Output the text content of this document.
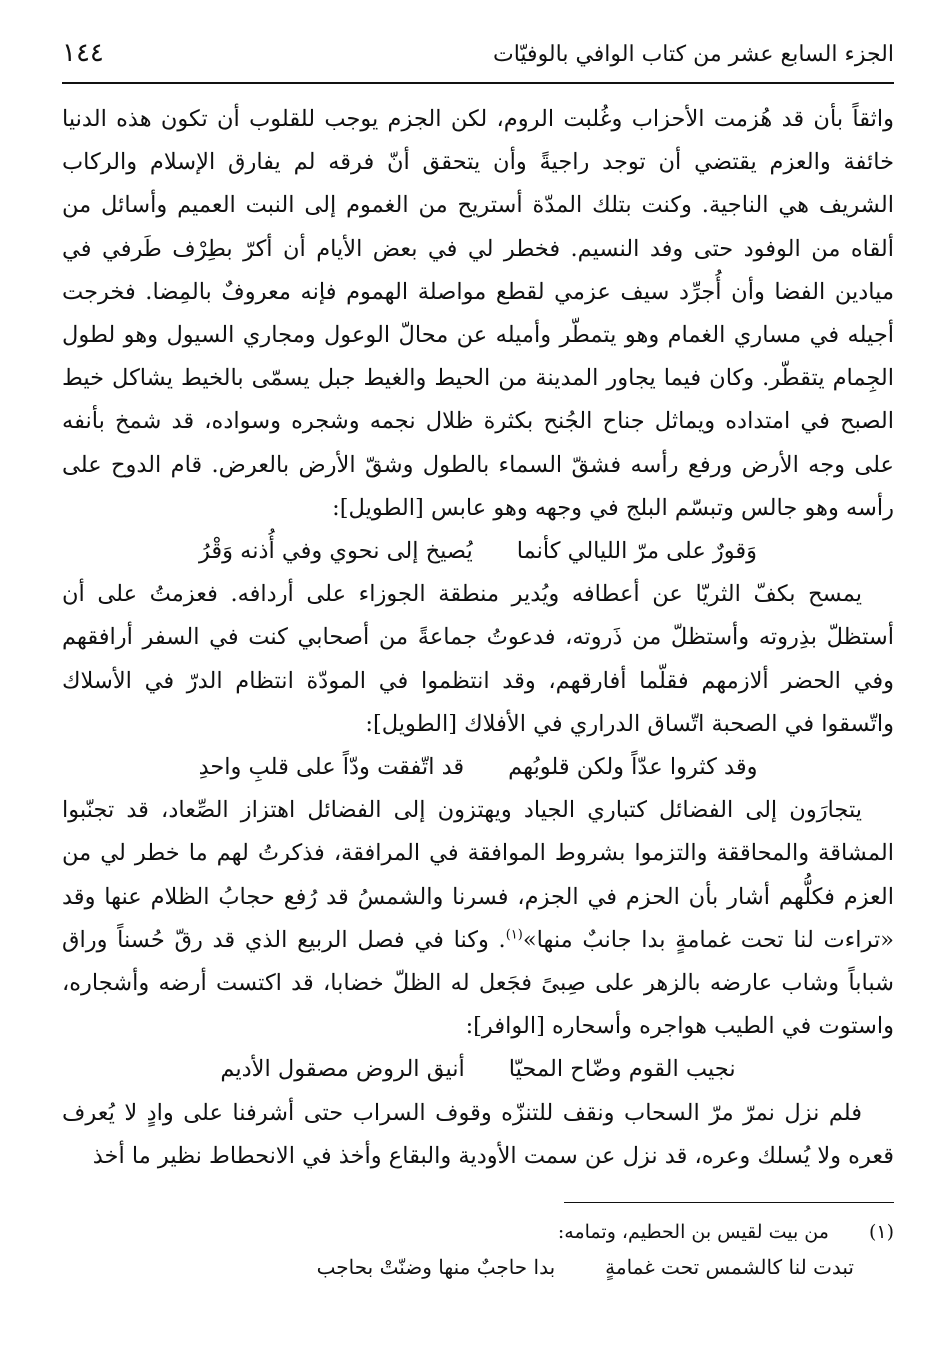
الجزء السابع عشر من كتاب الوافي بالوفيّات
١٤٤

واثقاً بأن قد هُزمت الأحزاب وغُلبت الروم، لكن الجزم يوجب للقلوب أن تكون هذه الدنيا خائفة والعزم يقتضي أن توجد راجيةً وأن يتحقق أنّ فرقه لم يفارق الإسلام والركاب الشريف هي الناجية. وكنت بتلك المدّة أستريح من الغموم إلى النبت العميم وأسائل من ألقاه من الوفود حتى وفد النسيم. فخطر لي في بعض الأيام أن أكرّ بطِرْف طَرفي في ميادين الفضا وأن أُجرِّد سيف عزمي لقطع مواصلة الهموم فإنه معروفٌ بالمِضا. فخرجت أجيله في مساري الغمام وهو يتمطّر وأميله عن محالّ الوعول ومجاري السيول وهو لطول الجِمام يتقطّر. وكان فيما يجاور المدينة من الحيط والغيط جبل يسمّى بالخيط يشاكل خيط الصبح في امتداده ويماثل جناح الجُنح بكثرة ظلال نجمه وشجره وسواده، قد شمخ بأنفه على وجه الأرض ورفع رأسه فشقّ السماء بالطول وشقّ الأرض بالعرض. قام الدوح على رأسه وهو جالس وتبسّم البلج في وجهه وهو عابس [الطويل]:

وَقورٌ على مرّ الليالي كأنما
يُصيخ إلى نحوي وفي أُذنه وَقْرُ

يمسح بكفّ الثريّا عن أعطافه ويُدير منطقة الجوزاء على أردافه. فعزمتُ على أن أستظلّ بذِروته وأستظلّ من ذَروته، فدعوتُ جماعةً من أصحابي كنت في السفر أرافقهم وفي الحضر ألازمهم فقلّما أفارقهم، وقد انتظموا في المودّة انتظام الدرّ في الأسلاك واتّسقوا في الصحبة اتّساق الدراري في الأفلاك [الطويل]:

وقد كثروا عدّاً ولكن قلوبُهم
قد اتّفقت ودّاً على قلبِ واحدِ

يتجارَون إلى الفضائل كتباري الجياد ويهتزون إلى الفضائل اهتزاز الصِّعاد، قد تجنّبوا المشاقة والمحاققة والتزموا بشروط الموافقة في المرافقة، فذكرتُ لهم ما خطر لي من العزم فكلُّهم أشار بأن الحزم في الجزم، فسرنا والشمسُ قد رُفع حجابُ الظلام عنها وقد «تراءت لنا تحت غمامةٍ بدا جانبٌ منها»$^{(١)}$. وكنا في فصل الربيع الذي قد رقّ حُسناً وراق شباباً وشاب عارضه بالزهر على صِبىً فجَعل له الظلّ خضابا، قد اكتست أرضه وأشجاره، واستوت في الطيب هواجره وأسحاره [الوافر]:

نجيب القوم وضّاح المحيّا
أنيق الروض مصقول الأديم

فلم نزل نمرّ مرّ السحاب ونقف للتنزّه وقوف السراب حتى أشرفنا على وادٍ لا يُعرف قعره ولا يُسلك وعره، قد نزل عن سمت الأودية والبقاع وأخذ في الانحطاط نظير ما أخذ

(١)
من بيت لقيس بن الحطيم، وتمامه:
تبدت لنا كالشمس تحت غمامةٍ
بدا حاجبٌ منها وضنّتْ بحاجب
